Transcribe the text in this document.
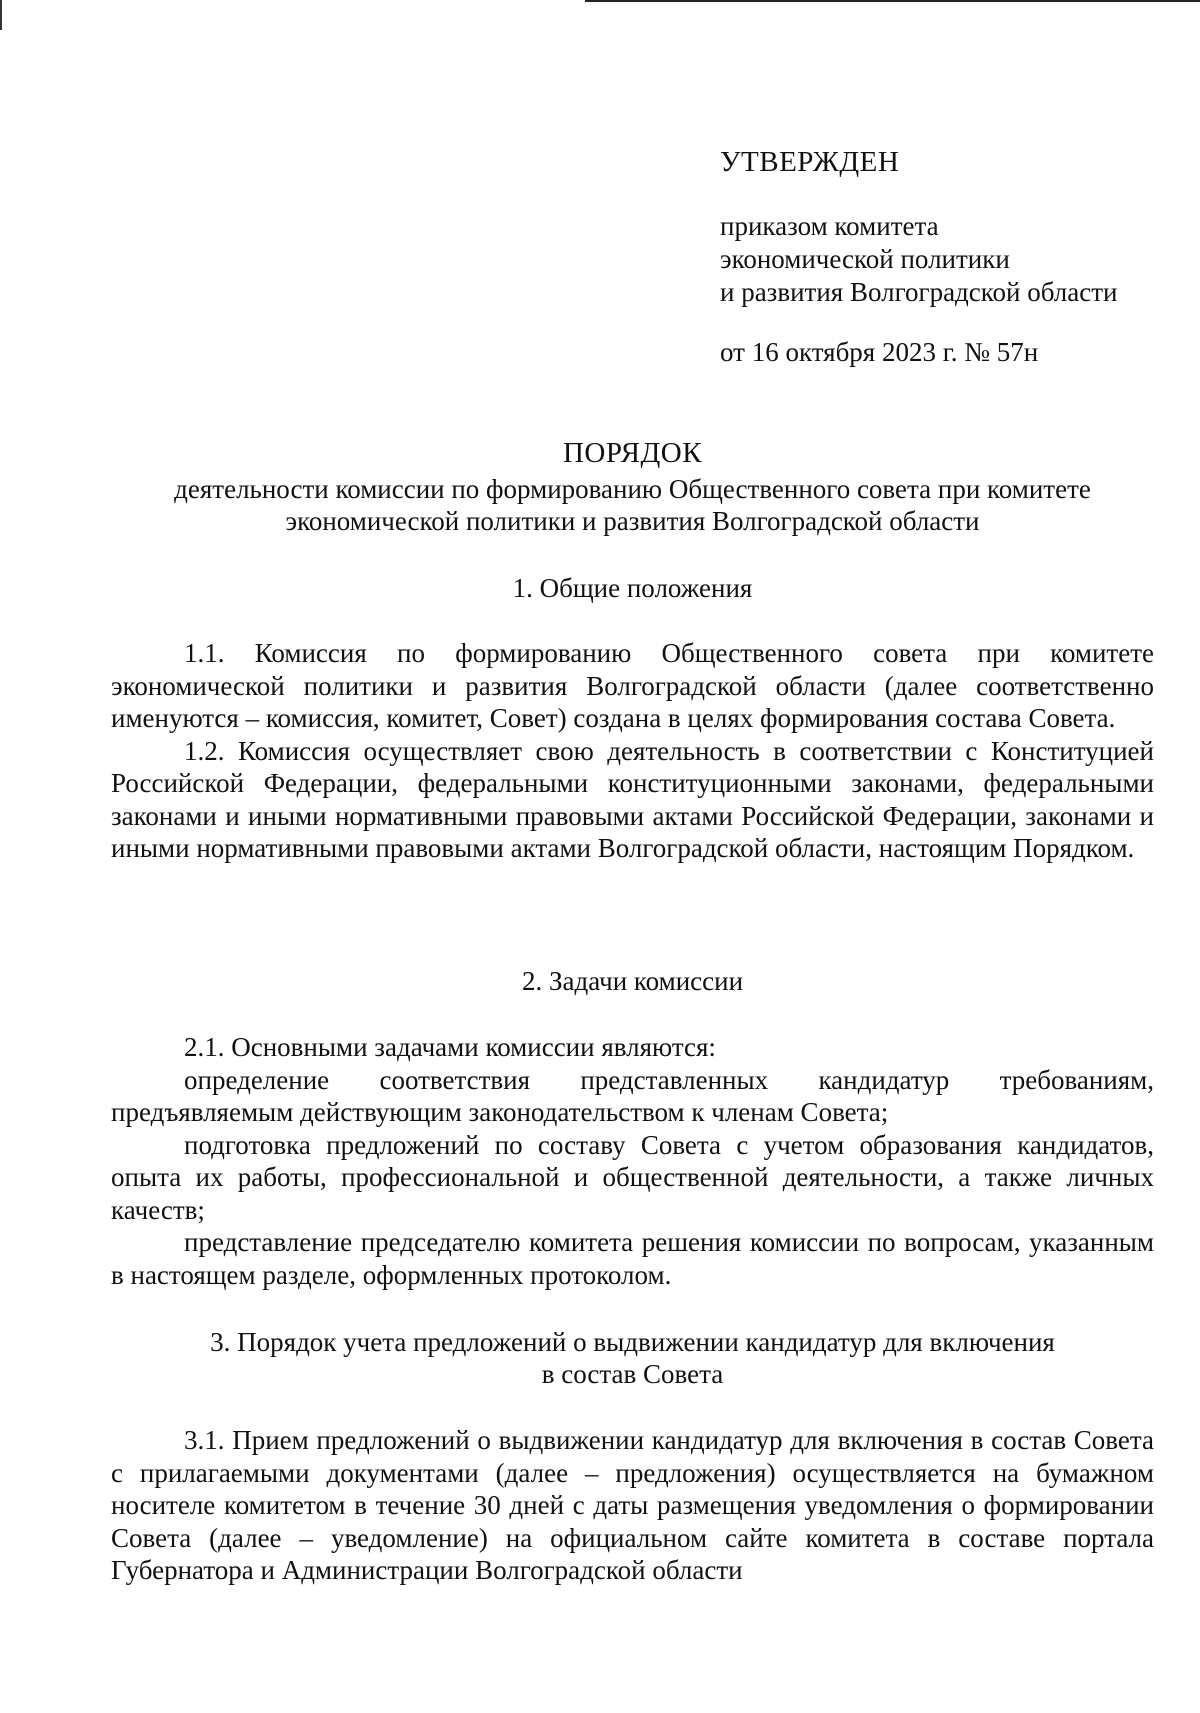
УТВЕРЖДЕН
приказом комитета
экономической политики
и развития Волгоградской области
от 16 октября 2023 г. № 57н
ПОРЯДОК
деятельности комиссии по формированию Общественного совета при комитете
экономической политики и развития Волгоградской области
1. Общие положения

1.1. Комиссия по формированию Общественного совета при комитете экономической политики и развития Волгоградской области (далее соответственно именуются – комиссия, комитет, Совет) создана в целях формирования состава Совета.

1.2. Комиссия осуществляет свою деятельность в соответствии с Конституцией Российской Федерации, федеральными конституционными законами, федеральными законами и иными нормативными правовыми актами Российской Федерации, законами и иными нормативными правовыми актами Волгоградской области, настоящим Порядком.

2. Задачи комиссии

2.1. Основными задачами комиссии являются:

определение соответствия представленных кандидатур требованиям, предъявляемым действующим законодательством к членам Совета;

подготовка предложений по составу Совета с учетом образования кандидатов, опыта их работы, профессиональной и общественной деятельности, а также личных качеств;

представление председателю комитета решения комиссии по вопросам, указанным в настоящем разделе, оформленных протоколом.

3. Порядок учета предложений о выдвижении кандидатур для включения
в состав Совета

3.1. Прием предложений о выдвижении кандидатур для включения в состав Совета с прилагаемыми документами (далее – предложения) осуществляется на бумажном носителе комитетом в течение 30 дней с даты размещения уведомления о формировании Совета (далее – уведомление) на официальном сайте комитета в составе портала Губернатора и Администрации Волгоградской области
